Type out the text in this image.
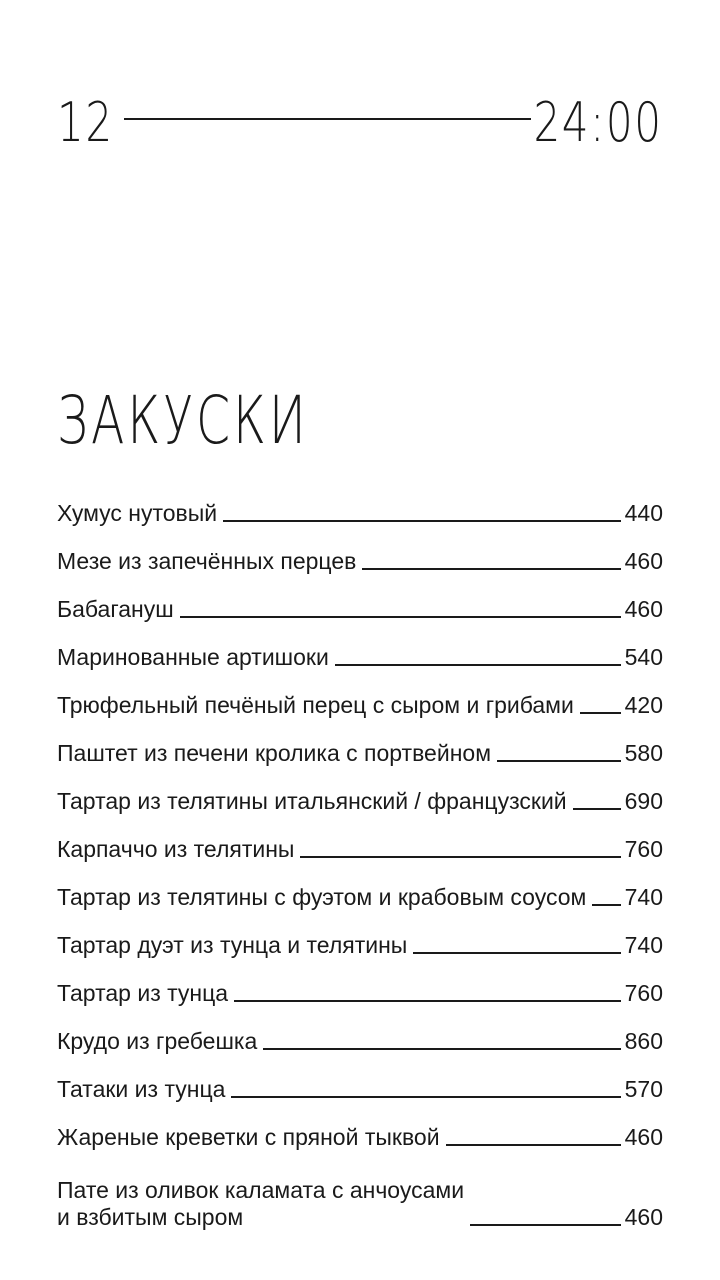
12	24:00
ЗАКУСКИ
Хумус нутовый	440
Мезе из запечённых перцев	460
Бабагануш	460
Маринованные артишоки	540
Трюфельный печёный перец с сыром и грибами 420
Паштет из печени кролика с портвейном	580
Тартар из телятины итальянский / французский	690
Карпаччо из телятины	760
Тартар из телятины с фуэтом и крабовым соусом 740
Тартар дуэт из тунца и телятины	740
Тартар из тунца	760
Крудо из гребешка	860
Татаки из тунца	570
Жареные креветки с пряной тыквой	460
Пате из оливок каламата с анчоусами
и взбитым сыром	460
